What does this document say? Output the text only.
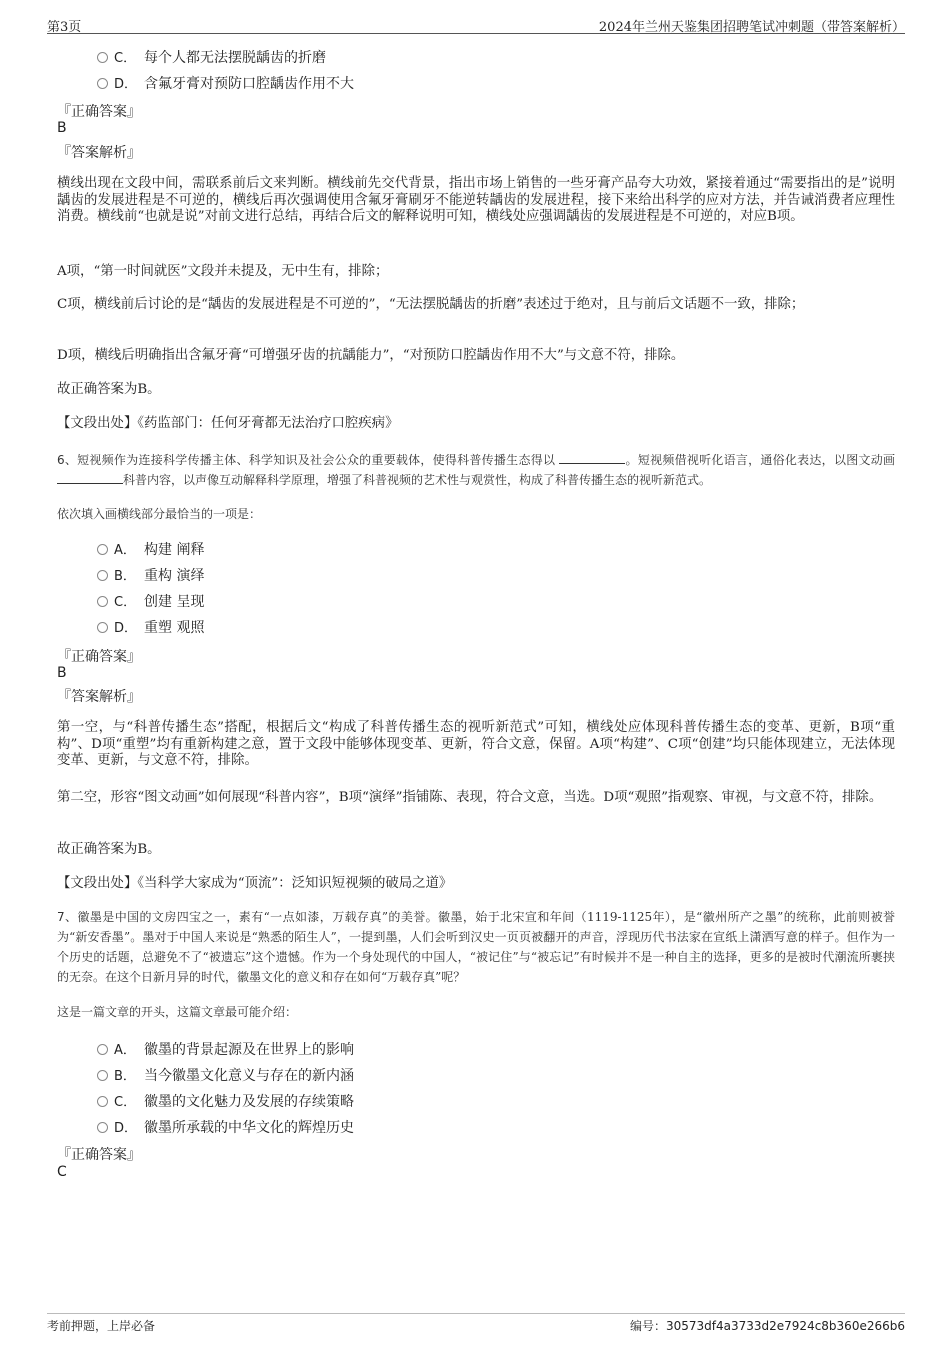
第3页	2024年兰州天鉴集团招聘笔试冲刺题（带答案解析）
C． 每个人都无法摆脱龋齿的折磨
D． 含氟牙膏对预防口腔龋齿作用不大
『正确答案』
B
『答案解析』
横线出现在文段中间，需联系前后文来判断。横线前先交代背景，指出市场上销售的一些牙膏产品夸大功效，紧接着通过“需要指出的是”说明龋齿的发展进程是不可逆的，横线后再次强调使用含氟牙膏刷牙不能逆转龋齿的发展进程，接下来给出科学的应对方法，并告诫消费者应理性消费。横线前“也就是说”对前文进行总结，再结合后文的解释说明可知，横线处应强调龋齿的发展进程是不可逆的，对应B项。
A项，“第一时间就医”文段并未提及，无中生有，排除；
C项，横线前后讨论的是“龋齿的发展进程是不可逆的”，“无法摆脱龋齿的折磨”表述过于绝对，且与前后文话题不一致，排除；
D项，横线后明确指出含氟牙膏“可增强牙齿的抗龋能力”，“对预防口腔龋齿作用不大”与文意不符，排除。
故正确答案为B。
【文段出处】《药监部门：任何牙膏都无法治疗口腔疾病》
6、短视频作为连接科学传播主体、科学知识及社会公众的重要载体，使得科普传播生态得以	。短视频借视听化语言，通俗化表达，以图文动画科普内容，以声像互动解释科学原理，增强了科普视频的艺术性与观赏性，构成了科普传播生态的视听新范式。
依次填入画横线部分最恰当的一项是：
A． 构建 阐释
B． 重构 演绎
C． 创建 呈现
D． 重塑 观照
『正确答案』
B
『答案解析』
第一空，与“科普传播生态”搭配，根据后文“构成了科普传播生态的视听新范式”可知，横线处应体现科普传播生态的变革、更新，B项“重构”、D项“重塑”均有重新构建之意，置于文段中能够体现变革、更新，符合文意，保留。A项“构建”、C项“创建”均只能体现建立，无法体现变革、更新，与文意不符，排除。
第二空，形容“图文动画”如何展现“科普内容”，B项“演绎”指铺陈、表现，符合文意，当选。D项“观照”指观察、审视，与文意不符，排除。
故正确答案为B。
【文段出处】《当科学大家成为“顶流”：泛知识短视频的破局之道》
7、徽墨是中国的文房四宝之一，素有“一点如漆，万载存真”的美誉。徽墨，始于北宋宣和年间（1119-1125年），是“徽州所产之墨”的统称，此前则被誉为“新安香墨”。墨对于中国人来说是“熟悉的陌生人”，一提到墨，人们会听到汉史一页页被翻开的声音，浮现历代书法家在宣纸上潇洒写意的样子。但作为一个历史的话题，总避免不了“被遗忘”这个遗憾。作为一个身处现代的中国人，“被记住”与“被忘记”有时候并不是一种自主的选择，更多的是被时代潮流所裹挟的无奈。在这个日新月异的时代，徽墨文化的意义和存在如何“万载存真”呢？
这是一篇文章的开头，这篇文章最可能介绍：
A． 徽墨的背景起源及在世界上的影响
B． 当今徽墨文化意义与存在的新内涵
C． 徽墨的文化魅力及发展的存续策略
D． 徽墨所承载的中华文化的辉煌历史
『正确答案』
C
考前押题，上岸必备	编号：30573df4a3733d2e7924c8b360e266b6
